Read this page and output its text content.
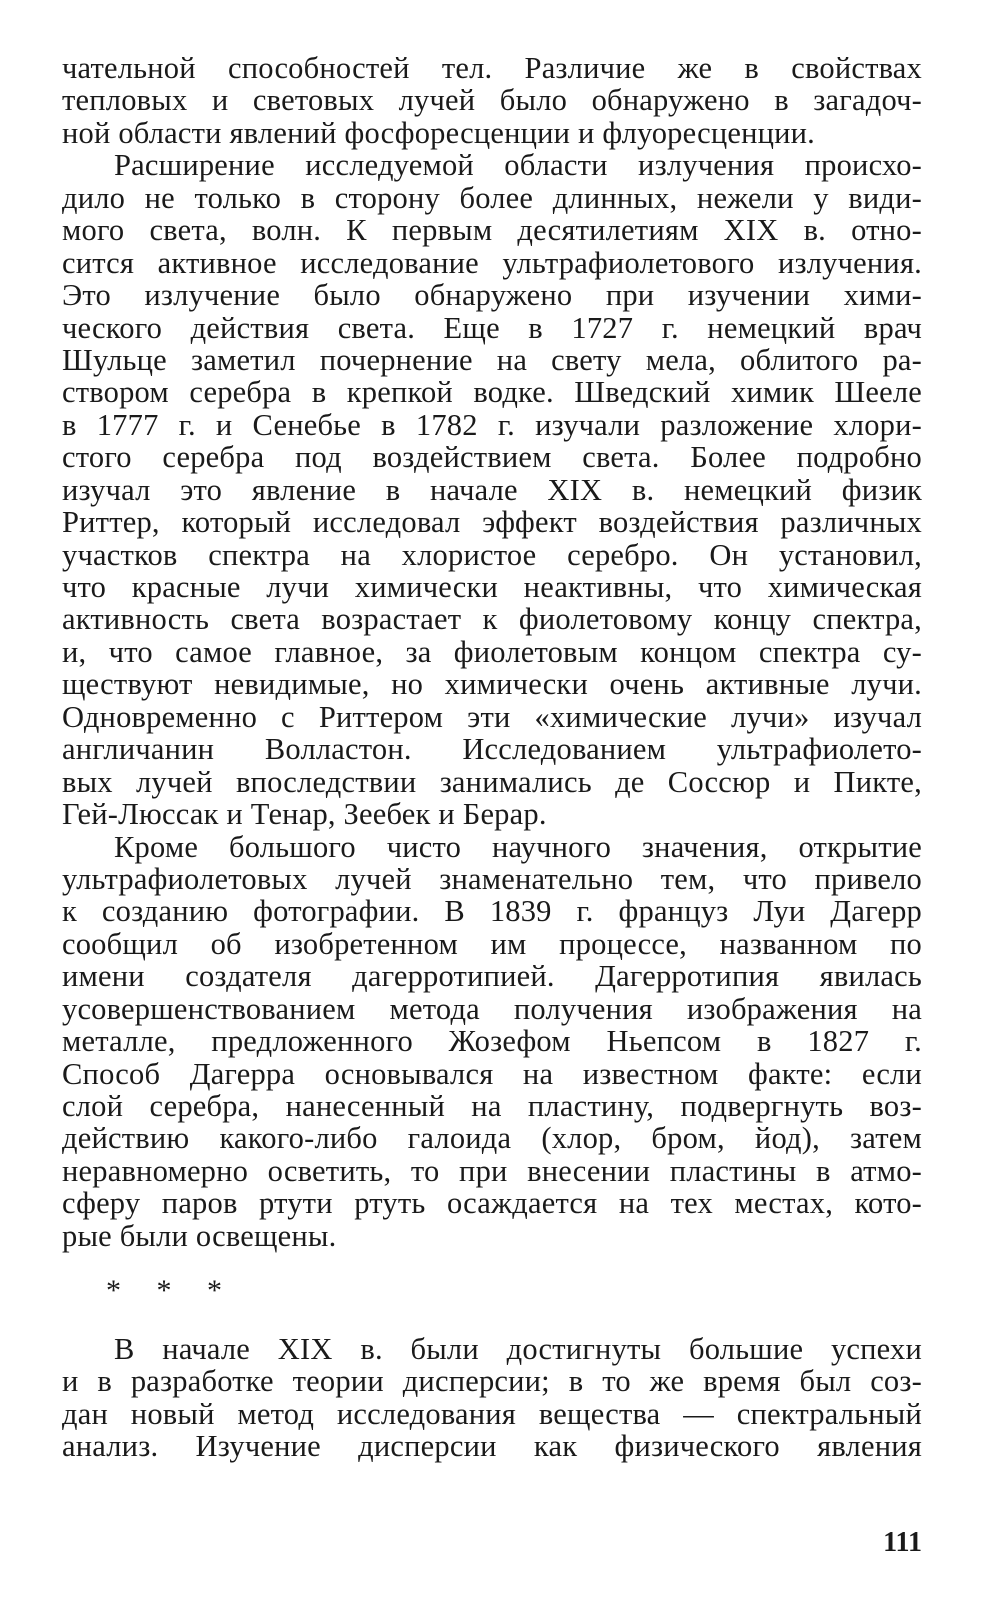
чательной способностей тел. Различие же в свойствах
тепловых и световых лучей было обнаружено в загадоч-
ной области явлений фосфоресценции и флуоресценции.
Расширение исследуемой области излучения происхо-
дило не только в сторону более длинных, нежели у види-
мого света, волн. К первым десятилетиям XIX в. отно-
сится активное исследование ультрафиолетового излучения.
Это излучение было обнаружено при изучении хими-
ческого действия света. Еще в 1727 г. немецкий врач
Шульце заметил почернение на свету мела, облитого ра-
створом серебра в крепкой водке. Шведский химик Шееле
в 1777 г. и Сенебье в 1782 г. изучали разложение хлори-
стого серебра под воздействием света. Более подробно
изучал это явление в начале XIX в. немецкий физик
Риттер, который исследовал эффект воздействия различных
участков спектра на хлористое серебро. Он установил,
что красные лучи химически неактивны, что химическая
активность света возрастает к фиолетовому концу спектра,
и, что самое главное, за фиолетовым концом спектра су-
ществуют невидимые, но химически очень активные лучи.
Одновременно с Риттером эти «химические лучи» изучал
англичанин Волластон. Исследованием ультрафиолето-
вых лучей впоследствии занимались де Соссюр и Пикте,
Гей-Люссак и Тенар, Зеебек и Берар.
Кроме большого чисто научного значения, открытие
ультрафиолетовых лучей знаменательно тем, что привело
к созданию фотографии. В 1839 г. француз Луи Дагерр
сообщил об изобретенном им процессе, названном по
имени создателя дагерротипией. Дагерротипия явилась
усовершенствованием метода получения изображения на
металле, предложенного Жозефом Ньепсом в 1827 г.
Способ Дагерра основывался на известном факте: если
слой серебра, нанесенный на пластину, подвергнуть воз-
действию какого-либо галоида (хлор, бром, йод), затем
неравномерно осветить, то при внесении пластины в атмо-
сферу паров ртути ртуть осаждается на тех местах, кото-
рые были освещены.
* * *
В начале XIX в. были достигнуты большие успехи
и в разработке теории дисперсии; в то же время был соз-
дан новый метод исследования вещества — спектральный
анализ. Изучение дисперсии как физического явления
111
